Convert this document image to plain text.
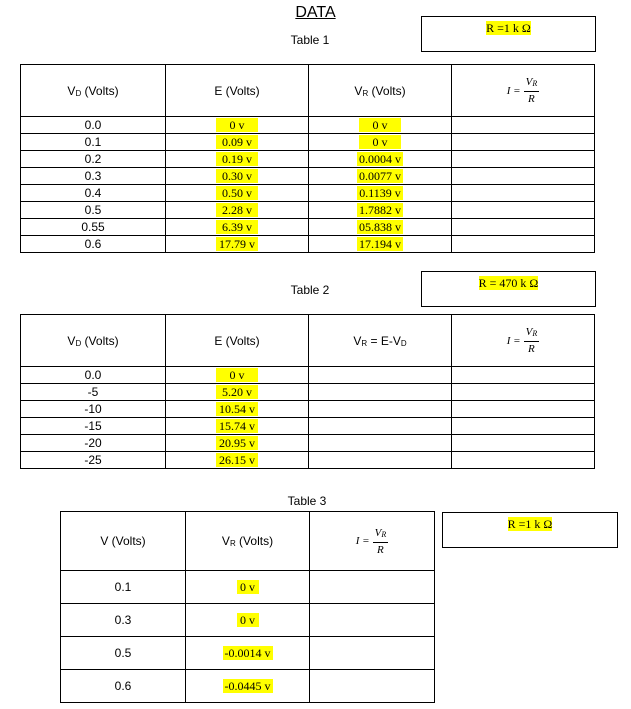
DATA
Table 1
R =1 k Ω
VD (Volts)	E (Volts)	VR (Volts)	$I = \frac{V_R}{R}$

0.0	0 v	0 v	
0.1	0.09 v	0 v	
0.2	0.19 v	0.0004 v	
0.3	0.30 v	0.0077 v	
0.4	0.50 v	0.1139 v	
0.5	2.28 v	1.7882 v	
0.55	6.39 v	05.838 v	
0.6	17.79 v	17.194 v	
Table 2	R = 470 k Ω
VD (Volts)	E (Volts)	VR = E-VD	$I = \frac{V_R}{R}$

0.0	0 v		
-5	5.20 v		
-10	10.54 v		
-15	15.74 v		
-20	20.95 v		
-25	26.15 v		
Table 3
R =1 k Ω
V (Volts)	VR (Volts)	$I = \frac{V_R}{R}$

0.1	0 v	
0.3	0 v	
0.5	-0.0014 v	
0.6	-0.0445 v	
